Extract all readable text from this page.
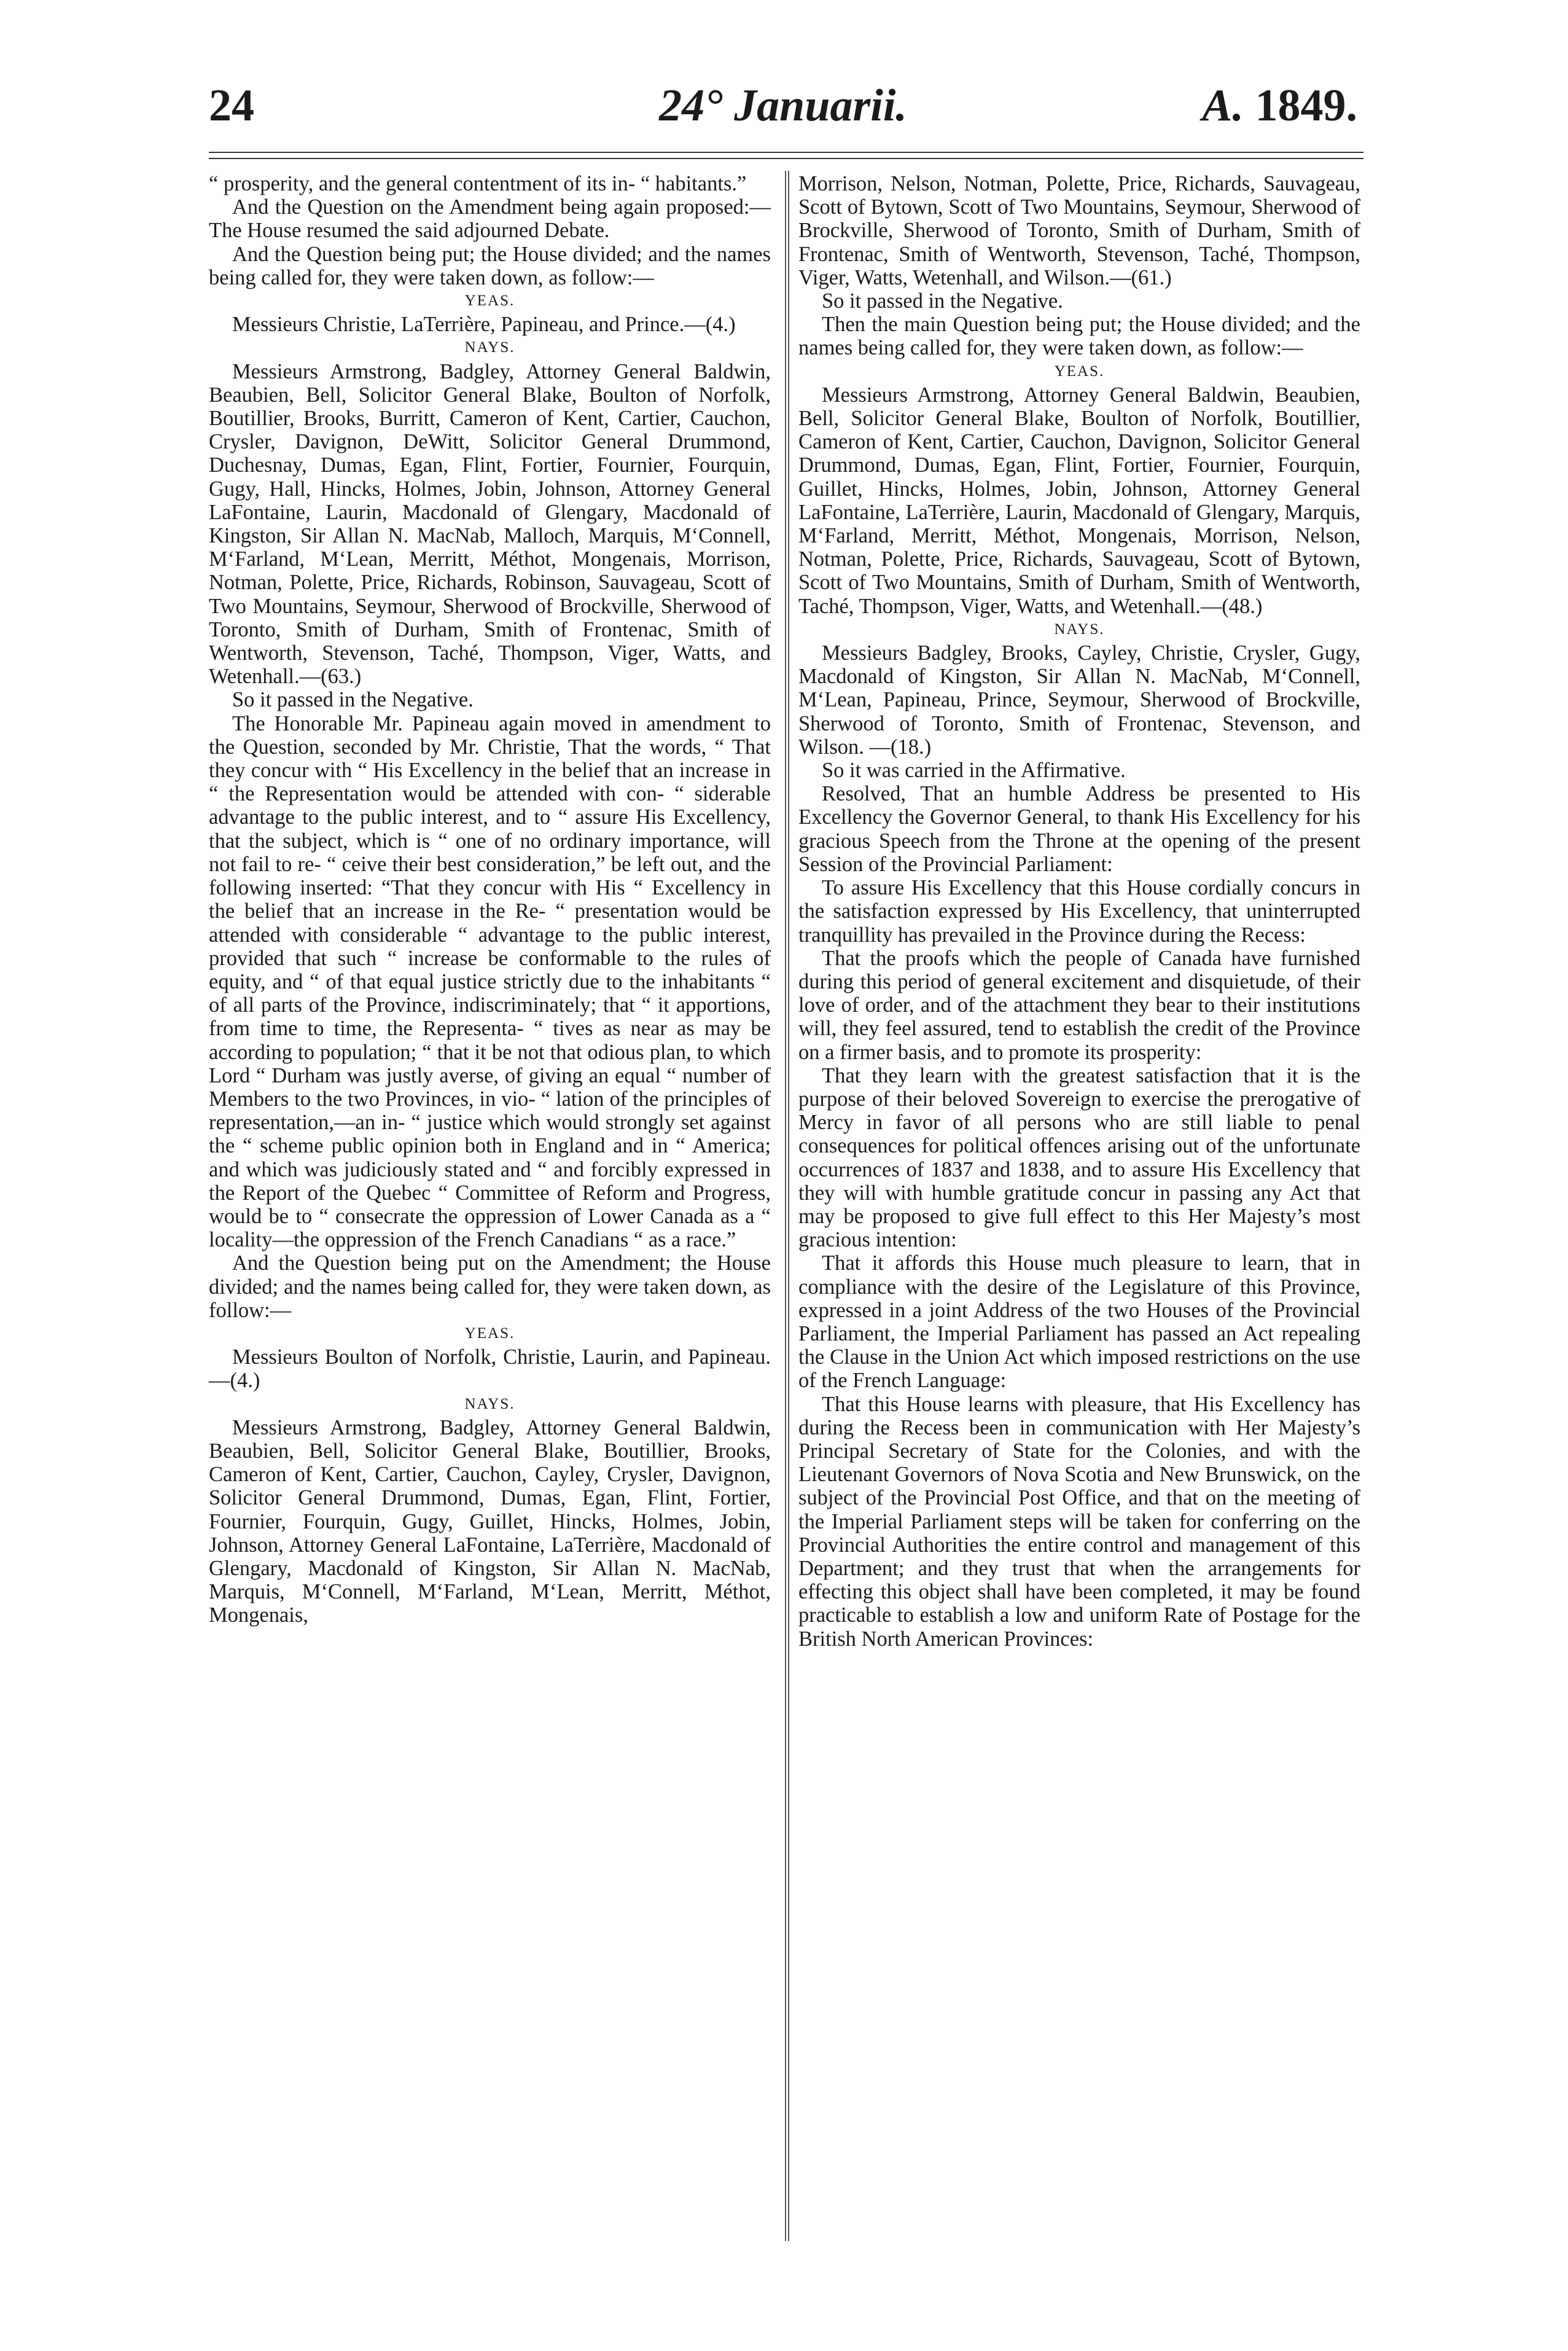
24	24° Januarii.	A. 1849.

“ prosperity, and the general contentment of its in- “ habitants.”

And the Question on the Amendment being again proposed:—The House resumed the said adjourned Debate.

And the Question being put; the House divided; and the names being called for, they were taken down, as follow:—

YEAS.

Messieurs Christie, LaTerrière, Papineau, and Prince.—(4.)

NAYS.

Messieurs Armstrong, Badgley, Attorney General Baldwin, Beaubien, Bell, Solicitor General Blake, Boulton of Norfolk, Boutillier, Brooks, Burritt, Cameron of Kent, Cartier, Cauchon, Crysler, Davignon, DeWitt, Solicitor General Drummond, Duchesnay, Dumas, Egan, Flint, Fortier, Fournier, Fourquin, Gugy, Hall, Hincks, Holmes, Jobin, Johnson, Attorney General LaFontaine, Laurin, Macdonald of Glengary, Macdonald of Kingston, Sir Allan N. MacNab, Malloch, Marquis, M‘Connell, M‘Farland, M‘Lean, Merritt, Méthot, Mongenais, Morrison, Notman, Polette, Price, Richards, Robinson, Sauvageau, Scott of Two Mountains, Seymour, Sherwood of Brockville, Sherwood of Toronto, Smith of Durham, Smith of Frontenac, Smith of Wentworth, Stevenson, Taché, Thompson, Viger, Watts, and Wetenhall.—(63.)

So it passed in the Negative.

The Honorable Mr. Papineau again moved in amendment to the Question, seconded by Mr. Christie, That the words, “ That they concur with “ His Excellency in the belief that an increase in “ the Representation would be attended with con- “ siderable advantage to the public interest, and to “ assure His Excellency, that the subject, which is “ one of no ordinary importance, will not fail to re- “ ceive their best consideration,” be left out, and the following inserted: “That they concur with His “ Excellency in the belief that an increase in the Re- “ presentation would be attended with considerable “ advantage to the public interest, provided that such “ increase be conformable to the rules of equity, and “ of that equal justice strictly due to the inhabitants “ of all parts of the Province, indiscriminately; that “ it apportions, from time to time, the Representa- “ tives as near as may be according to population; “ that it be not that odious plan, to which Lord “ Durham was justly averse, of giving an equal “ number of Members to the two Provinces, in vio- “ lation of the principles of representation,—an in- “ justice which would strongly set against the “ scheme public opinion both in England and in “ America; and which was judiciously stated and “ and forcibly expressed in the Report of the Quebec “ Committee of Reform and Progress, would be to “ consecrate the oppression of Lower Canada as a “ locality—the oppression of the French Canadians “ as a race.”

And the Question being put on the Amendment; the House divided; and the names being called for, they were taken down, as follow:—

YEAS.

Messieurs Boulton of Norfolk, Christie, Laurin, and Papineau.—(4.)

NAYS.

Messieurs Armstrong, Badgley, Attorney General Baldwin, Beaubien, Bell, Solicitor General Blake, Boutillier, Brooks, Cameron of Kent, Cartier, Cauchon, Cayley, Crysler, Davignon, Solicitor General Drummond, Dumas, Egan, Flint, Fortier, Fournier, Fourquin, Gugy, Guillet, Hincks, Holmes, Jobin, Johnson, Attorney General LaFontaine, LaTerrière, Macdonald of Glengary, Macdonald of Kingston, Sir Allan N. MacNab, Marquis, M‘Connell, M‘Farland, M‘Lean, Merritt, Méthot, Mongenais,

Morrison, Nelson, Notman, Polette, Price, Richards, Sauvageau, Scott of Bytown, Scott of Two Mountains, Seymour, Sherwood of Brockville, Sherwood of Toronto, Smith of Durham, Smith of Frontenac, Smith of Wentworth, Stevenson, Taché, Thompson, Viger, Watts, Wetenhall, and Wilson.—(61.)

So it passed in the Negative.

Then the main Question being put; the House divided; and the names being called for, they were taken down, as follow:—

YEAS.

Messieurs Armstrong, Attorney General Baldwin, Beaubien, Bell, Solicitor General Blake, Boulton of Norfolk, Boutillier, Cameron of Kent, Cartier, Cauchon, Davignon, Solicitor General Drummond, Dumas, Egan, Flint, Fortier, Fournier, Fourquin, Guillet, Hincks, Holmes, Jobin, Johnson, Attorney General LaFontaine, LaTerrière, Laurin, Macdonald of Glengary, Marquis, M‘Farland, Merritt, Méthot, Mongenais, Morrison, Nelson, Notman, Polette, Price, Richards, Sauvageau, Scott of Bytown, Scott of Two Mountains, Smith of Durham, Smith of Wentworth, Taché, Thompson, Viger, Watts, and Wetenhall.—(48.)

NAYS.

Messieurs Badgley, Brooks, Cayley, Christie, Crysler, Gugy, Macdonald of Kingston, Sir Allan N. MacNab, M‘Connell, M‘Lean, Papineau, Prince, Seymour, Sherwood of Brockville, Sherwood of Toronto, Smith of Frontenac, Stevenson, and Wilson. —(18.)

So it was carried in the Affirmative.

Resolved, That an humble Address be presented to His Excellency the Governor General, to thank His Excellency for his gracious Speech from the Throne at the opening of the present Session of the Provincial Parliament:

To assure His Excellency that this House cordially concurs in the satisfaction expressed by His Excellency, that uninterrupted tranquillity has prevailed in the Province during the Recess:

That the proofs which the people of Canada have furnished during this period of general excitement and disquietude, of their love of order, and of the attachment they bear to their institutions will, they feel assured, tend to establish the credit of the Province on a firmer basis, and to promote its prosperity:

That they learn with the greatest satisfaction that it is the purpose of their beloved Sovereign to exercise the prerogative of Mercy in favor of all persons who are still liable to penal consequences for political offences arising out of the unfortunate occurrences of 1837 and 1838, and to assure His Excellency that they will with humble gratitude concur in passing any Act that may be proposed to give full effect to this Her Majesty’s most gracious intention:

That it affords this House much pleasure to learn, that in compliance with the desire of the Legislature of this Province, expressed in a joint Address of the two Houses of the Provincial Parliament, the Imperial Parliament has passed an Act repealing the Clause in the Union Act which imposed restrictions on the use of the French Language:

That this House learns with pleasure, that His Excellency has during the Recess been in communication with Her Majesty’s Principal Secretary of State for the Colonies, and with the Lieutenant Governors of Nova Scotia and New Brunswick, on the subject of the Provincial Post Office, and that on the meeting of the Imperial Parliament steps will be taken for conferring on the Provincial Authorities the entire control and management of this Department; and they trust that when the arrangements for effecting this object shall have been completed, it may be found practicable to establish a low and uniform Rate of Postage for the British North American Provinces:
